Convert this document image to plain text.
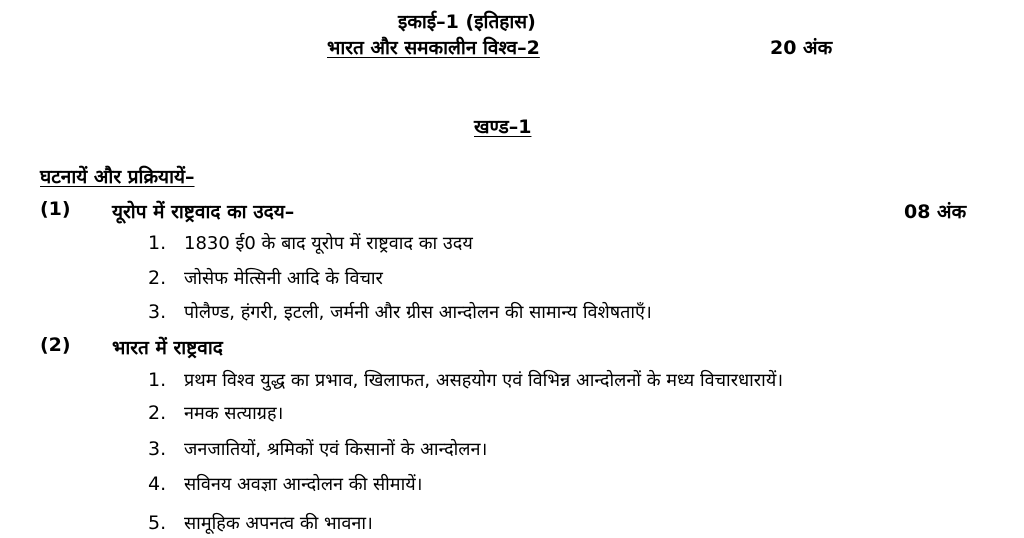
इकाई–1 (इतिहास)
भारत और समकालीन विश्व–2	20 अंक
खण्ड–1
घटनायें और प्रक्रियायें–
(1) यूरोप में राष्ट्रवाद का उदय–	08 अंक
1. 1830 ई0 के बाद यूरोप में राष्ट्रवाद का उदय
2. जोसेफ मेत्सिनी आदि के विचार
3. पोलैण्ड, हंगरी, इटली, जर्मनी और ग्रीस आन्दोलन की सामान्य विशेषताएँ।
(2) भारत में राष्ट्रवाद
1. प्रथम विश्व युद्ध का प्रभाव, खिलाफत, असहयोग एवं विभिन्न आन्दोलनों के मध्य विचारधारायें।
2. नमक सत्याग्रह।
3. जनजातियों, श्रमिकों एवं किसानों के आन्दोलन।
4. सविनय अवज्ञा आन्दोलन की सीमायें।
5. सामूहिक अपनत्व की भावना।
